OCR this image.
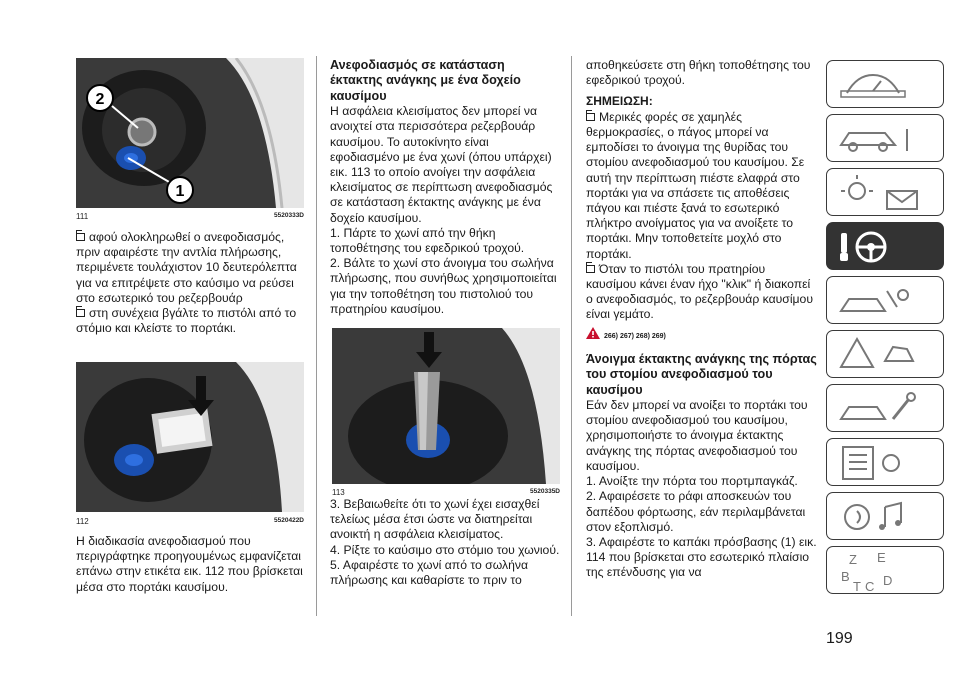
2
1
111	5520333D

αφού ολοκληρωθεί ο ανεφοδιασμός, πριν αφαιρέστε την αντλία πλήρωσης, περιμένετε τουλάχιστον 10 δευτερόλεπτα για να επιτρέψετε στο καύσιμο να ρεύσει στο εσωτερικό του ρεζερβουάρ

στη συνέχεια βγάλτε το πιστόλι από το στόμιο και κλείστε το πορτάκι.

112	5520422D

Η διαδικασία ανεφοδιασμού που περιγράφτηκε προηγουμένως εμφανίζεται επάνω στην ετικέτα εικ. 112 που βρίσκεται μέσα στο πορτάκι καυσίμου.

Ανεφοδιασμός σε κατάσταση έκτακτης ανάγκης με ένα δοχείο καυσίμου

Η ασφάλεια κλεισίματος δεν μπορεί να ανοιχτεί στα περισσότερα ρεζερβουάρ καυσίμου. Το αυτοκίνητο είναι εφοδιασμένο με ένα χωνί (όπου υπάρχει) εικ. 113 το οποίο ανοίγει την ασφάλεια κλεισίματος σε περίπτωση ανεφοδιασμός σε κατάσταση έκτακτης ανάγκης με ένα δοχείο καυσίμου.

1. Πάρτε το χωνί από την θήκη τοποθέτησης του εφεδρικού τροχού.

2. Βάλτε το χωνί στο άνοιγμα του σωλήνα πλήρωσης, που συνήθως χρησιμοποιείται για την τοποθέτηση του πιστολιού του πρατηρίου καυσίμου.

113	5520335D

3. Βεβαιωθείτε ότι το χωνί έχει εισαχθεί τελείως μέσα έτσι ώστε να διατηρείται ανοικτή η ασφάλεια κλεισίματος.

4. Ρίξτε το καύσιμο στο στόμιο του χωνιού.

5. Αφαιρέστε το χωνί από το σωλήνα πλήρωσης και καθαρίστε το πριν το

αποθηκεύσετε στη θήκη τοποθέτησης του εφεδρικού τροχού.

ΣΗΜΕΙΩΣΗ:

Μερικές φορές σε χαμηλές θερμοκρασίες, ο πάγος μπορεί να εμποδίσει το άνοιγμα της θυρίδας του στομίου ανεφοδιασμού του καυσίμου. Σε αυτή την περίπτωση πιέστε ελαφρά στο πορτάκι για να σπάσετε τις αποθέσεις πάγου και πιέστε ξανά το εσωτερικό πλήκτρο ανοίγματος για να ανοίξετε το πορτάκι. Μην τοποθετείτε μοχλό στο πορτάκι.

Όταν το πιστόλι του πρατηρίου καυσίμου κάνει έναν ήχο "κλικ" ή διακοπεί ο ανεφοδιασμός, το ρεζερβουάρ καυσίμου είναι γεμάτο.

266) 267) 268) 269)

Άνοιγμα έκτακτης ανάγκης της πόρτας του στομίου ανεφοδιασμού του καυσίμου

Εάν δεν μπορεί να ανοίξει το πορτάκι του στομίου ανεφοδιασμού του καυσίμου, χρησιμοποιήστε το άνοιγμα έκτακτης ανάγκης της πόρτας ανεφοδιασμού του καυσίμου.

1. Ανοίξτε την πόρτα του πορτμπαγκάζ.

2. Αφαιρέσετε το ράφι αποσκευών του δαπέδου φόρτωσης, εάν περιλαμβάνεται στον εξοπλισμό.

3. Αφαιρέστε το καπάκι πρόσβασης (1) εικ. 114 που βρίσκεται στο εσωτερικό πλαίσιο της επένδυσης για να

Z E
B
C
T D
199
